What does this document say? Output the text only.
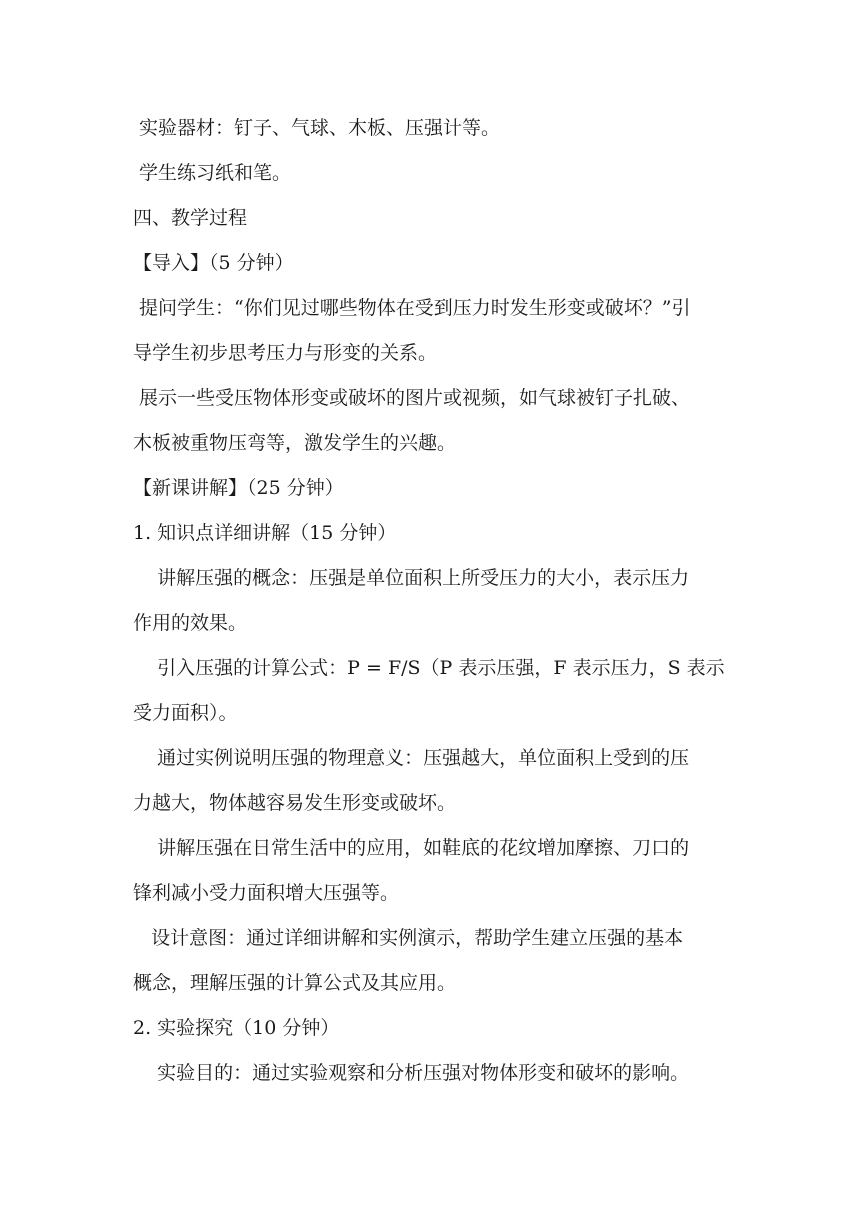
实验器材：钉子、气球、木板、压强计等。
学生练习纸和笔。
四、教学过程
【导入】（5 分钟）
提问学生：“你们见过哪些物体在受到压力时发生形变或破坏？”引
导学生初步思考压力与形变的关系。
展示一些受压物体形变或破坏的图片或视频，如气球被钉子扎破、
木板被重物压弯等，激发学生的兴趣。
【新课讲解】（25 分钟）
1. 知识点详细讲解（15 分钟）
讲解压强的概念：压强是单位面积上所受压力的大小，表示压力
作用的效果。
引入压强的计算公式：P = F/S（P 表示压强，F 表示压力，S 表示
受力面积）。
通过实例说明压强的物理意义：压强越大，单位面积上受到的压
力越大，物体越容易发生形变或破坏。
讲解压强在日常生活中的应用，如鞋底的花纹增加摩擦、刀口的
锋利减小受力面积增大压强等。
设计意图：通过详细讲解和实例演示，帮助学生建立压强的基本
概念，理解压强的计算公式及其应用。
2. 实验探究（10 分钟）
实验目的：通过实验观察和分析压强对物体形变和破坏的影响。
